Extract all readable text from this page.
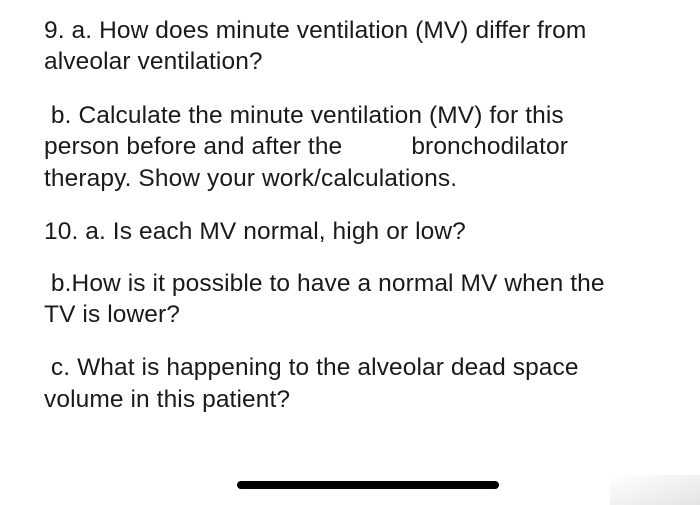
9. a. How does minute ventilation (MV) differ from
alveolar ventilation?
b. Calculate the minute ventilation (MV) for this
person before and after the          bronchodilator
therapy. Show your work/calculations.
10. a. Is each MV normal, high or low?
b.How is it possible to have a normal MV when the
TV is lower?
c. What is happening to the alveolar dead space
volume in this patient?
